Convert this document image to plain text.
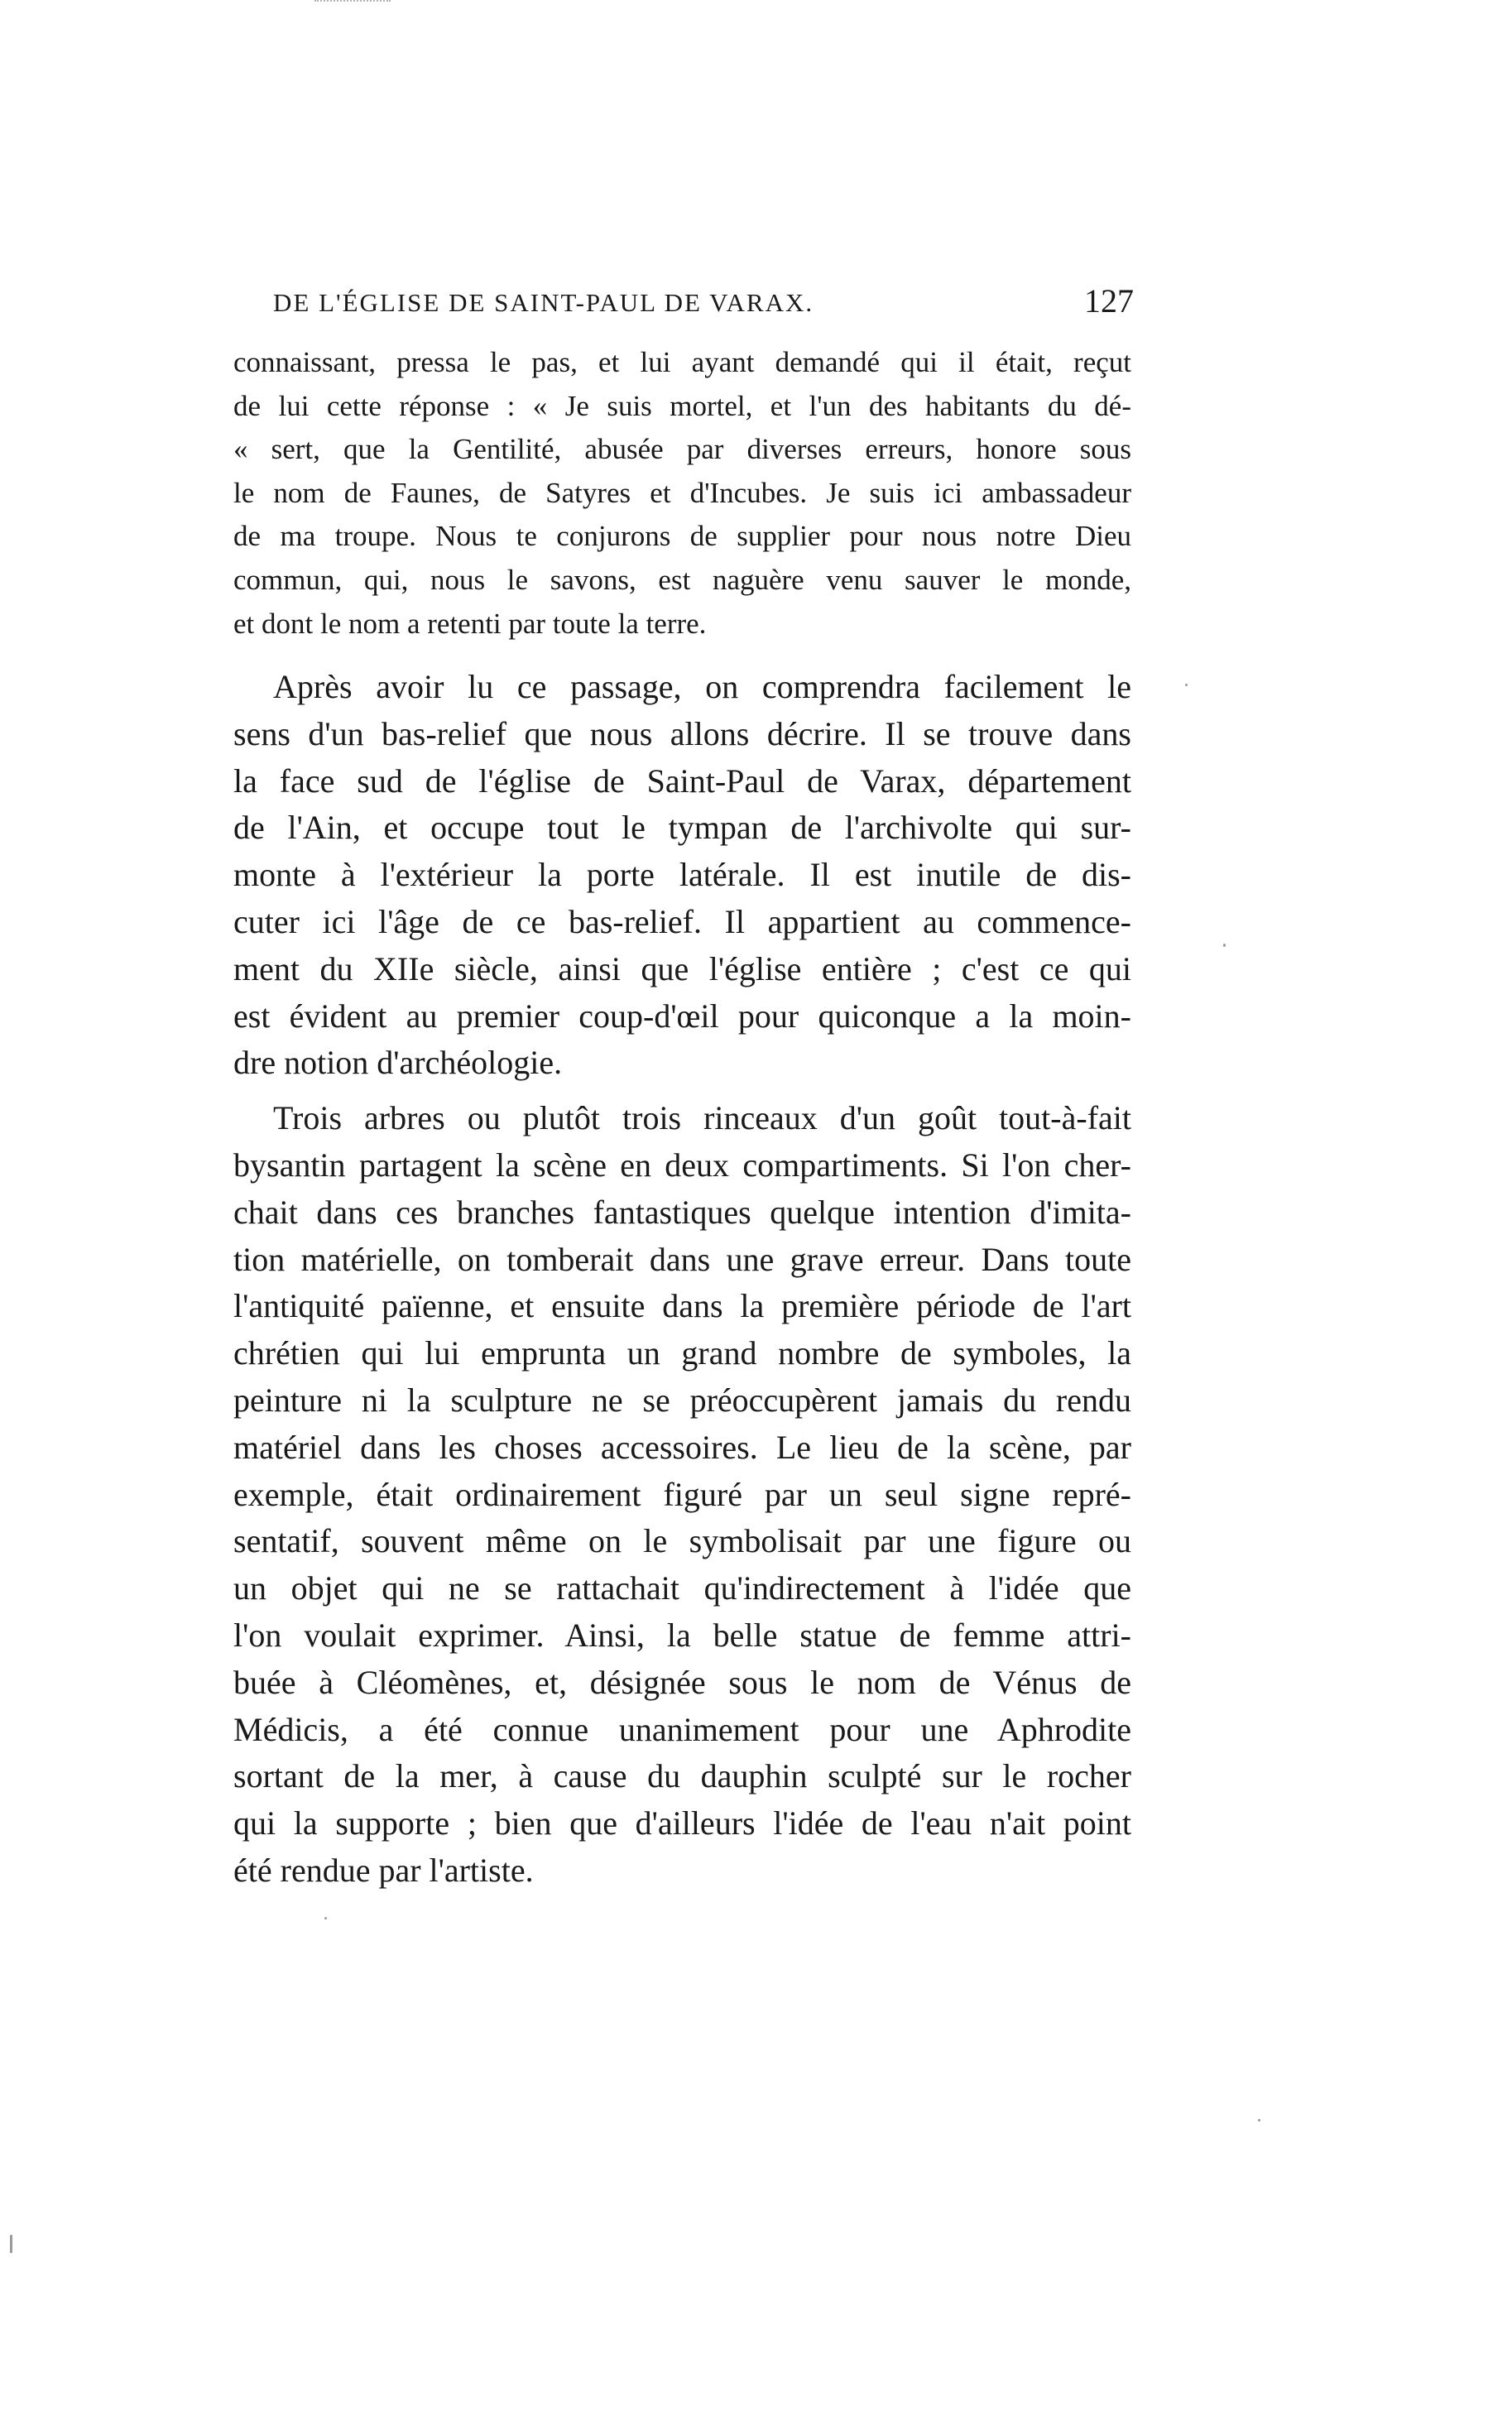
DE L'ÉGLISE DE SAINT-PAUL DE VARAX.	127
connaissant, pressa le pas, et lui ayant demandé qui il était, reçut
de lui cette réponse : « Je suis mortel, et l'un des habitants du dé-
« sert, que la Gentilité, abusée par diverses erreurs, honore sous
le nom de Faunes, de Satyres et d'Incubes. Je suis ici ambassadeur
de ma troupe. Nous te conjurons de supplier pour nous notre Dieu
commun, qui, nous le savons, est naguère venu sauver le monde,
et dont le nom a retenti par toute la terre.
Après avoir lu ce passage, on comprendra facilement le
sens d'un bas-relief que nous allons décrire. Il se trouve dans
la face sud de l'église de Saint-Paul de Varax, département
de l'Ain, et occupe tout le tympan de l'archivolte qui sur-
monte à l'extérieur la porte latérale. Il est inutile de dis-
cuter ici l'âge de ce bas-relief. Il appartient au commence-
ment du XIIe siècle, ainsi que l'église entière ; c'est ce qui
est évident au premier coup-d'œil pour quiconque a la moin-
dre notion d'archéologie.
Trois arbres ou plutôt trois rinceaux d'un goût tout-à-fait
bysantin partagent la scène en deux compartiments. Si l'on cher-
chait dans ces branches fantastiques quelque intention d'imita-
tion matérielle, on tomberait dans une grave erreur. Dans toute
l'antiquité païenne, et ensuite dans la première période de l'art
chrétien qui lui emprunta un grand nombre de symboles, la
peinture ni la sculpture ne se préoccupèrent jamais du rendu
matériel dans les choses accessoires. Le lieu de la scène, par
exemple, était ordinairement figuré par un seul signe repré-
sentatif, souvent même on le symbolisait par une figure ou
un objet qui ne se rattachait qu'indirectement à l'idée que
l'on voulait exprimer. Ainsi, la belle statue de femme attri-
buée à Cléomènes, et, désignée sous le nom de Vénus de
Médicis, a été connue unanimement pour une Aphrodite
sortant de la mer, à cause du dauphin sculpté sur le rocher
qui la supporte ; bien que d'ailleurs l'idée de l'eau n'ait point
été rendue par l'artiste.
